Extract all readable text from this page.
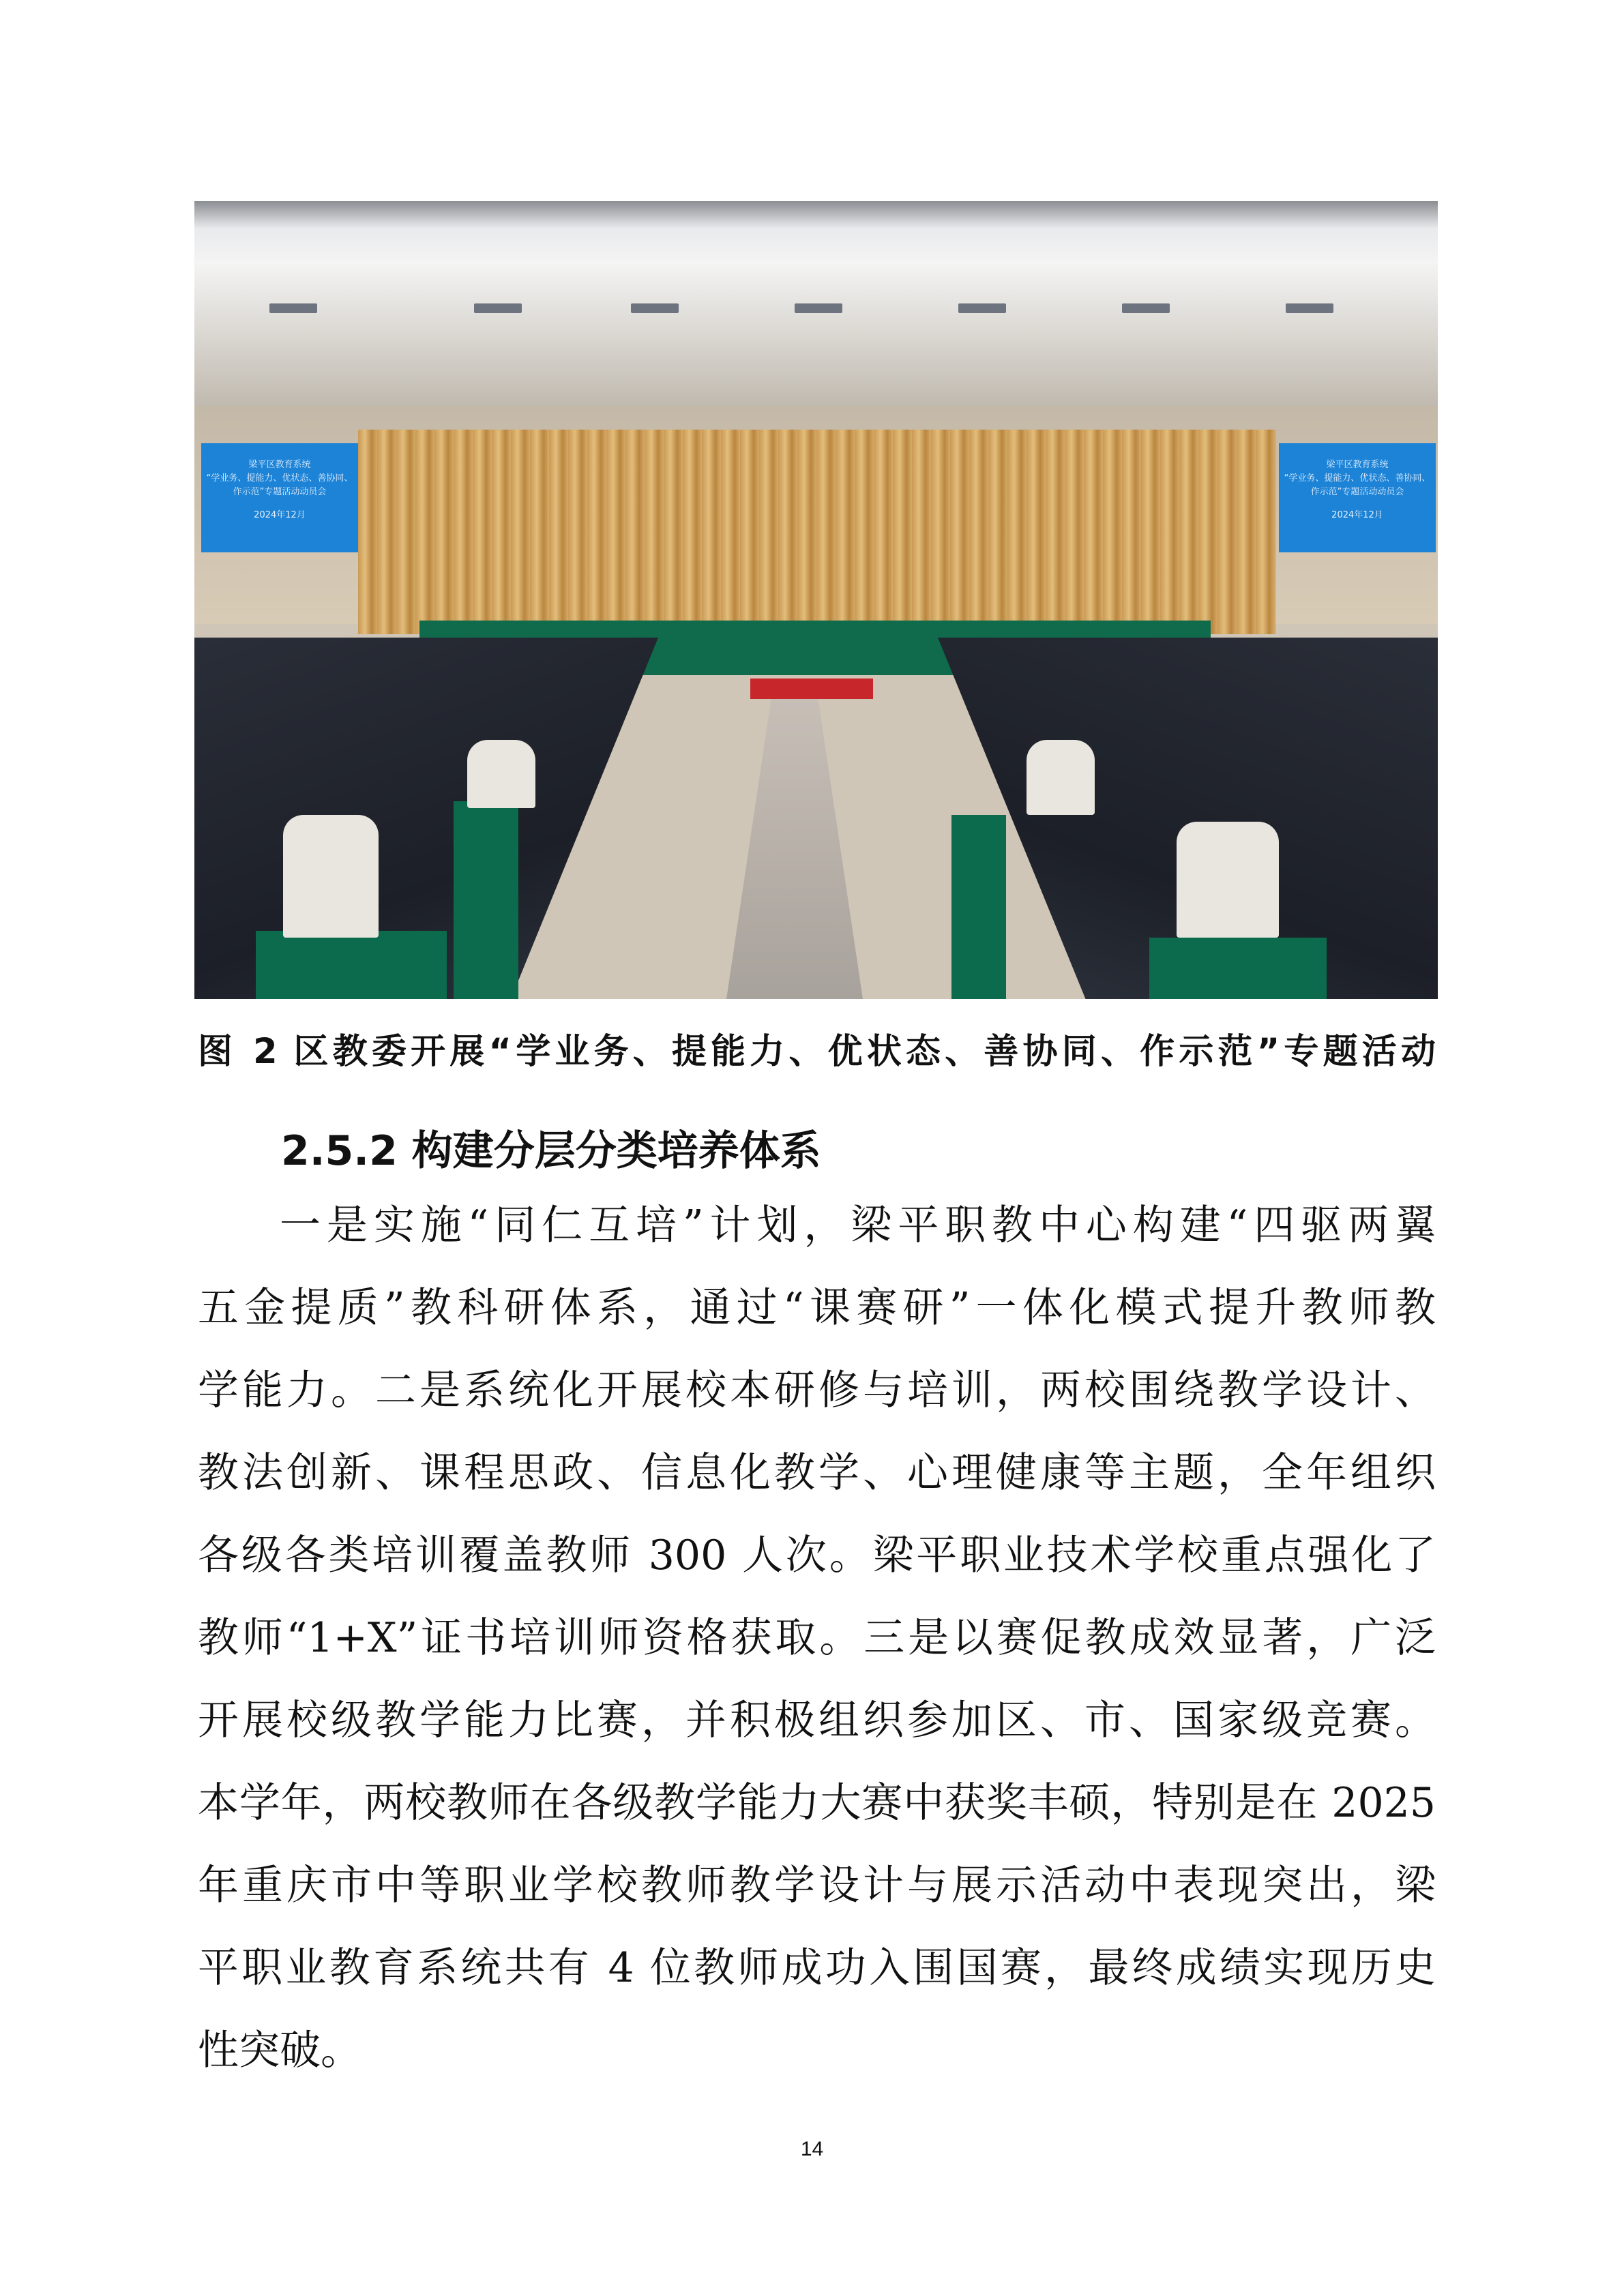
梁平区教育系统
“学业务、提能力、优状态、善协同、
作示范”专题活动动员会
2024年12月
梁平区教育系统
“学业务、提能力、优状态、善协同、
作示范”专题活动动员会
2024年12月
图 2 区教委开展“学业务、提能力、优状态、善协同、作示范”专题活动
2.5.2 构建分层分类培养体系
一是实施“同仁互培”计划，梁平职教中心构建“四驱两翼
五金提质”教科研体系，通过“课赛研”一体化模式提升教师教
学能力。二是系统化开展校本研修与培训，两校围绕教学设计、
教法创新、课程思政、信息化教学、心理健康等主题，全年组织
各级各类培训覆盖教师 300 人次。梁平职业技术学校重点强化了
教师“1+X”证书培训师资格获取。三是以赛促教成效显著，广泛
开展校级教学能力比赛，并积极组织参加区、市、国家级竞赛。
本学年，两校教师在各级教学能力大赛中获奖丰硕，特别是在 2025
年重庆市中等职业学校教师教学设计与展示活动中表现突出，梁
平职业教育系统共有 4 位教师成功入围国赛，最终成绩实现历史
性突破。
14
